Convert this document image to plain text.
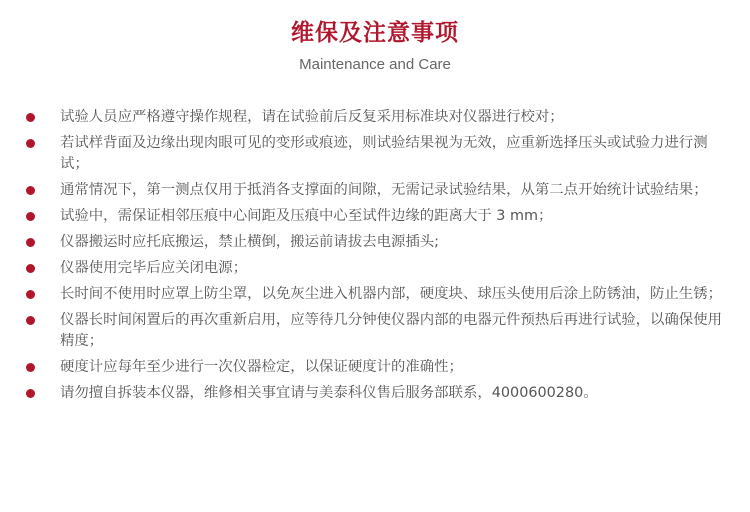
维保及注意事项
Maintenance and Care
试验人员应严格遵守操作规程，请在试验前后反复采用标准块对仪器进行校对；
若试样背面及边缘出现肉眼可见的变形或痕迹，则试验结果视为无效，应重新选择压头或试验力进行测试；
通常情况下，第一测点仅用于抵消各支撑面的间隙，无需记录试验结果，从第二点开始统计试验结果；
试验中，需保证相邻压痕中心间距及压痕中心至试件边缘的距离大于 3 mm；
仪器搬运时应托底搬运，禁止横倒，搬运前请拔去电源插头;
仪器使用完毕后应关闭电源；
长时间不使用时应罩上防尘罩，以免灰尘进入机器内部，硬度块、球压头使用后涂上防锈油，防止生锈；
仪器长时间闲置后的再次重新启用，应等待几分钟使仪器内部的电器元件预热后再进行试验，以确保使用精度；
硬度计应每年至少进行一次仪器检定，以保证硬度计的准确性；
请勿擅自拆装本仪器，维修相关事宜请与美泰科仪售后服务部联系，4000600280。
